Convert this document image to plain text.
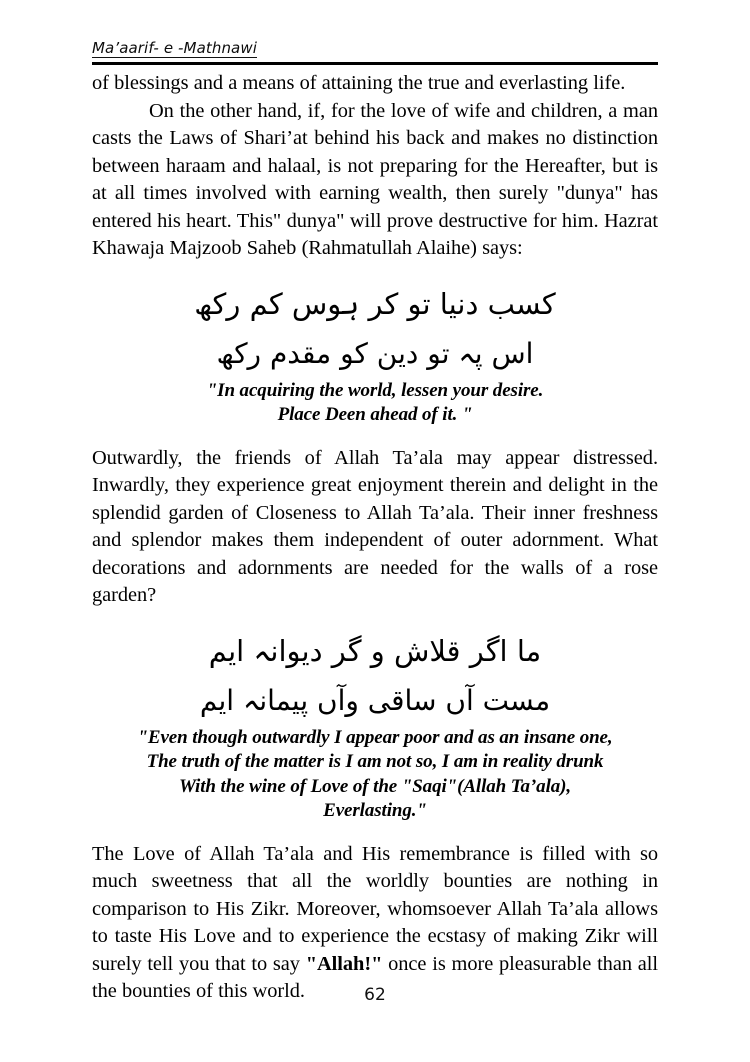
Ma’aarif- e -Mathnawi

of blessings and a means of attaining the true and everlasting life.

On the other hand, if, for the love of wife and children, a man casts the Laws of Shari’at behind his back and makes no distinction between haraam and halaal, is not preparing for the Hereafter, but is at all times involved with earning wealth, then surely "dunya" has entered his heart. This" dunya" will prove destructive for him. Hazrat Khawaja Majzoob Saheb (Rahmatullah Alaihe) says:

کسب دنیا تو کر ہوس کم رکھ
اس پہ تو دین کو مقدم رکھ
"In acquiring the world, lessen your desire.
Place Deen ahead of it. "

Outwardly, the friends of Allah Ta’ala may appear distressed. Inwardly, they experience great enjoyment therein and delight in the splendid garden of Closeness to Allah Ta’ala. Their inner freshness and splendor makes them independent of outer adornment. What decorations and adornments are needed for the walls of a rose garden?

ما اگر قلاش و گر دیوانہ ایم
مست آں ساقی وآں پیمانہ ایم
"Even though outwardly I appear poor and as an insane one,
The truth of the matter is I am not so, I am in reality drunk
With the wine of Love of the "Saqi"(Allah Ta’ala),
Everlasting."

The Love of Allah Ta’ala and His remembrance is filled with so much sweetness that all the worldly bounties are nothing in comparison to His Zikr. Moreover, whomsoever Allah Ta’ala allows to taste His Love and to experience the ecstasy of making Zikr will surely tell you that to say "Allah!" once is more pleasurable than all the bounties of this world.	62
